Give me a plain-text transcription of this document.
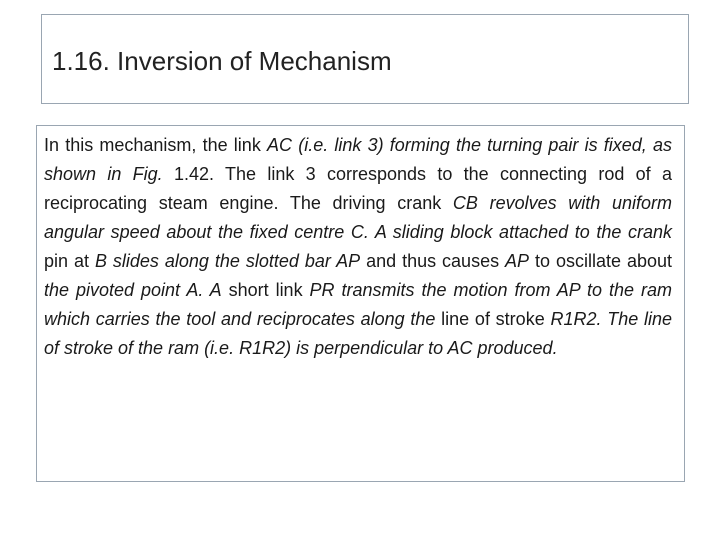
1.16. Inversion of Mechanism

In this mechanism, the link AC (i.e. link 3) forming the turning pair is fixed, as shown in Fig. 1.42. The link 3 corresponds to the connecting rod of a reciprocating steam engine. The driving crank CB revolves with uniform angular speed about the fixed centre C. A sliding block attached to the crank pin at B slides along the slotted bar AP and thus causes AP to oscillate about the pivoted point A. A short link PR transmits the motion from AP to the ram which carries the tool and reciprocates along the line of stroke R1R2. The line of stroke of the ram (i.e. R1R2) is perpendicular to AC produced.
